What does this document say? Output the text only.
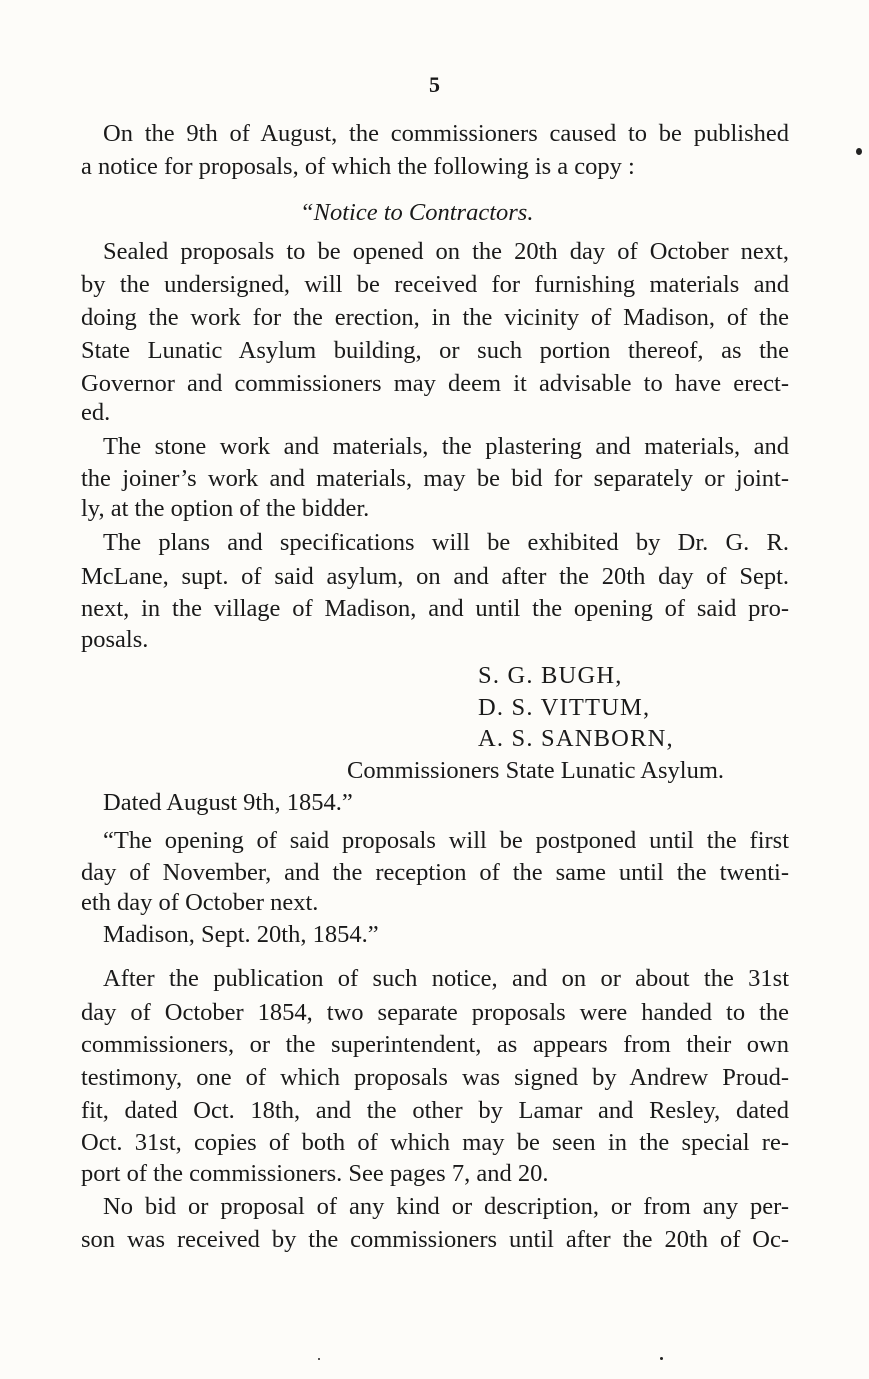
5
On the 9th of August, the commissioners caused to be published
a notice for proposals, of which the following is a copy :
“Notice to Contractors.
Sealed proposals to be opened on the 20th day of October next,
by the undersigned, will be received for furnishing materials and
doing the work for the erection, in the vicinity of Madison, of the
State Lunatic Asylum building, or such portion thereof, as the
Governor and commissioners may deem it advisable to have erect-
ed.
The stone work and materials, the plastering and materials, and
the joiner’s work and materials, may be bid for separately or joint-
ly, at the option of the bidder.
The plans and specifications will be exhibited by Dr. G. R.
McLane, supt. of said asylum, on and after the 20th day of Sept.
next, in the village of Madison, and until the opening of said pro-
posals.
S. G. BUGH,
D. S. VITTUM,
A. S. SANBORN,
Commissioners State Lunatic Asylum.
Dated August 9th, 1854.”
“The opening of said proposals will be postponed until the first
day of November, and the reception of the same until the twenti-
eth day of October next.
Madison, Sept. 20th, 1854.”
After the publication of such notice, and on or about the 31st
day of October 1854, two separate proposals were handed to the
commissioners, or the superintendent, as appears from their own
testimony, one of which proposals was signed by Andrew Proud-
fit, dated Oct. 18th, and the other by Lamar and Resley, dated
Oct. 31st, copies of both of which may be seen in the special re-
port of the commissioners. See pages 7, and 20.
No bid or proposal of any kind or description, or from any per-
son was received by the commissioners until after the 20th of Oc-
